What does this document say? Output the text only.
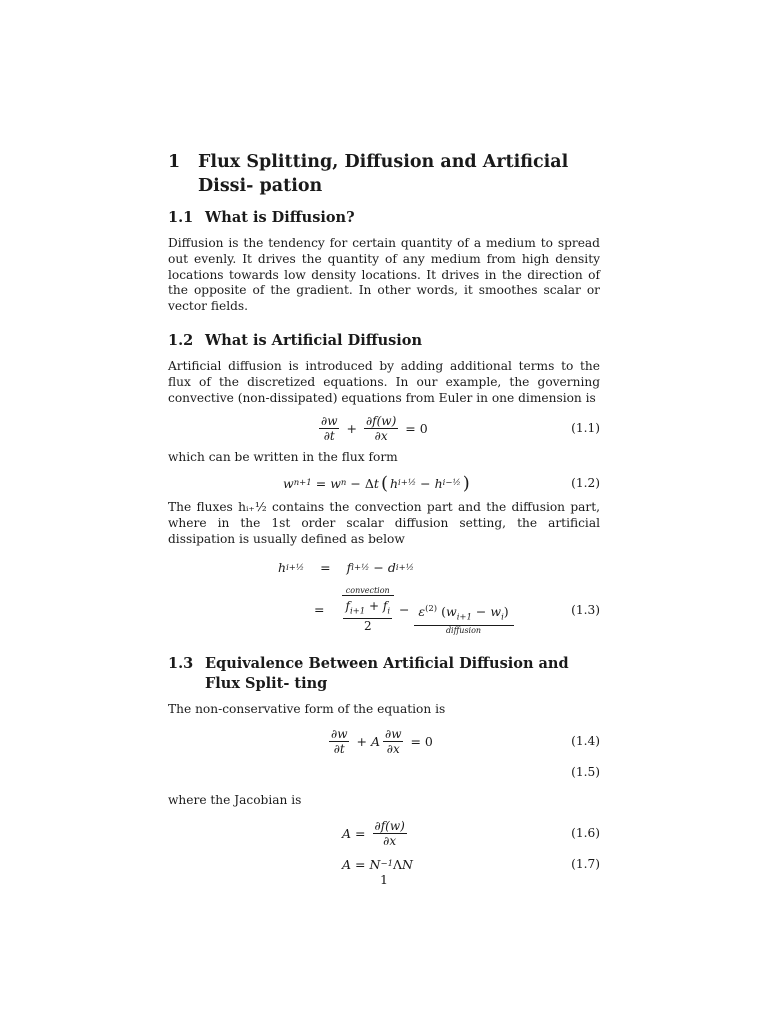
1	Flux Splitting, Diffusion and Artificial Dissi- pation
1.1 What is Diffusion?

Diffusion is the tendency for certain quantity of a medium to spread out evenly. It drives the quantity of any medium from high density locations towards low density locations. It drives in the direction of the opposite of the gradient. In other words, it smoothes scalar or vector fields.

1.2 What is Artificial Diffusion

Artificial diffusion is introduced by adding additional terms to the flux of the discretized equations. In our example, the governing convective (non-dissipated) equations from Euler in one dimension is

$\frac{\partial w}{\partial t} + \frac{\partial f(w)}{\partial x} = 0$	(1.1)

which can be written in the flux form

w n+1 = w n − Δ t ( h i+½ − h i−½ )	(1.2)

The fluxes hᵢ₊½ contains the convection part and the diffusion part, where in the 1st order scalar diffusion setting, the artificial dissipation is usually defined as below

h i+½ = f i+½ − d i+½
=
convection
$\frac{f_{i+1} + f_i}{2} - \varepsilon^{(2)}$ $(w_{i+1} - w_i)$
diffusion
(1.3)
1.3 Equivalence Between Artificial Diffusion and Flux Split- ting

The non-conservative form of the equation is

$\frac{\partial w}{\partial t} + A \frac{\partial w}{\partial x} = 0$	(1.4)
(1.5)

where the Jacobian is

$A = \frac{\partial f(w)}{\partial x}$	(1.6)
A = N −1 Λ N	(1.7)
1
